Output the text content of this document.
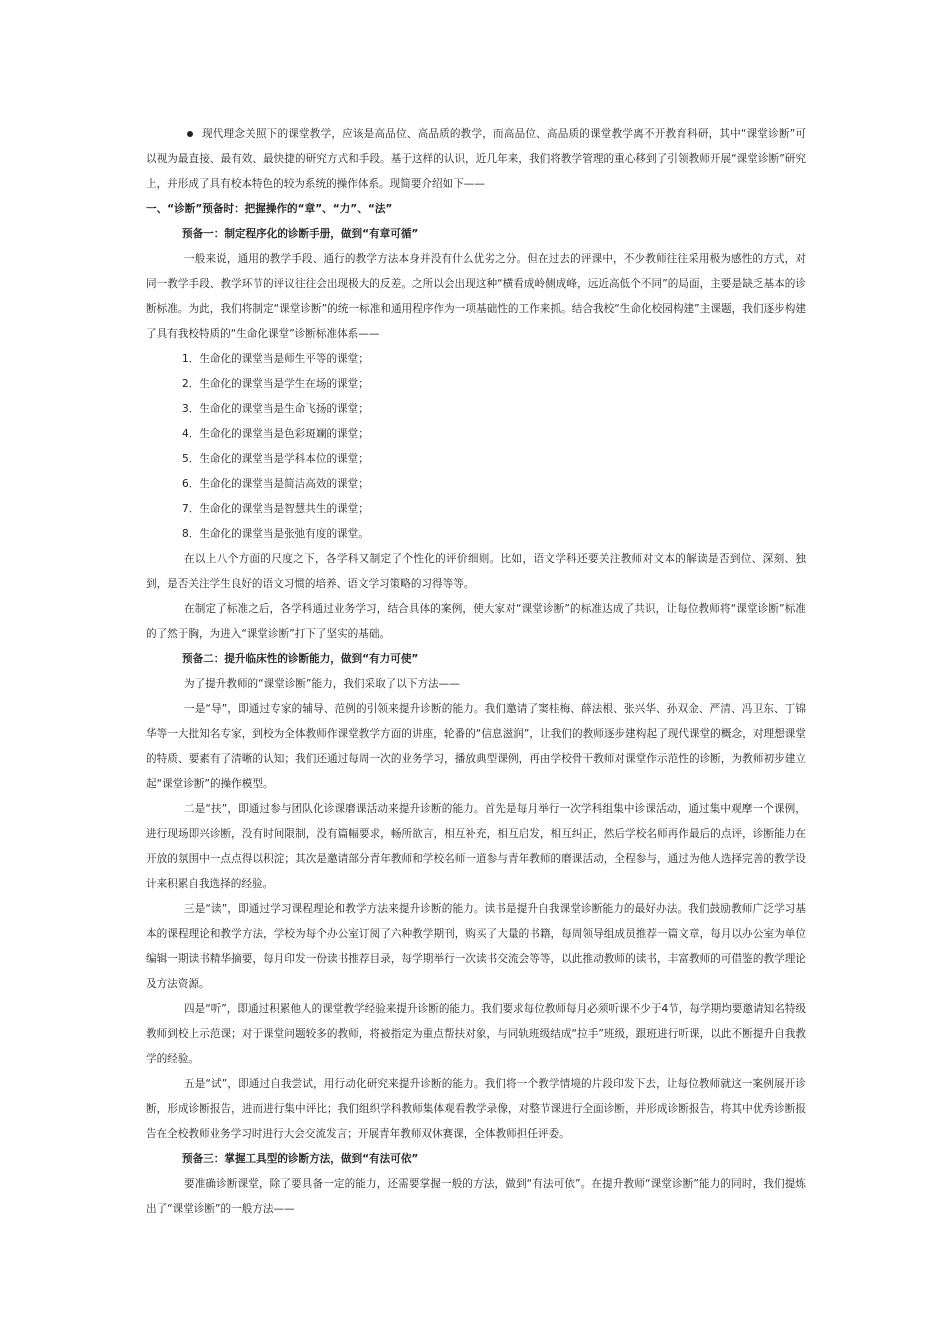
现代理念关照下的课堂教学，应该是高品位、高品质的教学，而高品位、高品质的课堂教学离不开教育科研，其中“课堂诊断”可以视为最直接、最有效、最快捷的研究方式和手段。基于这样的认识，近几年来，我们将教学管理的重心移到了引领教师开展“课堂诊断”研究上，并形成了具有校本特色的较为系统的操作体系。现简要介绍如下——

一、“诊断”预备时：把握操作的“章”、“力”、“法”

预备一：制定程序化的诊断手册，做到“有章可循”

一般来说，通用的教学手段、通行的教学方法本身并没有什么优劣之分。但在过去的评课中，不少教师往往采用极为感性的方式，对同一教学手段、教学环节的评议往往会出现极大的反差。之所以会出现这种“横看成岭侧成峰，远近高低个不同”的局面，主要是缺乏基本的诊断标准。为此，我们将制定“课堂诊断”的统一标准和通用程序作为一项基础性的工作来抓。结合我校“生命化校园构建”主课题，我们逐步构建了具有我校特质的“生命化课堂”诊断标准体系——

1．生命化的课堂当是师生平等的课堂；

2．生命化的课堂当是学生在场的课堂；

3．生命化的课堂当是生命飞扬的课堂；

4．生命化的课堂当是色彩斑斓的课堂；

5．生命化的课堂当是学科本位的课堂；

6．生命化的课堂当是简洁高效的课堂；

7．生命化的课堂当是智慧共生的课堂；

8．生命化的课堂当是张弛有度的课堂。

在以上八个方面的尺度之下，各学科又制定了个性化的评价细则。比如，语文学科还要关注教师对文本的解读是否到位、深刻、独到，是否关注学生良好的语文习惯的培养、语文学习策略的习得等等。

在制定了标准之后，各学科通过业务学习，结合具体的案例，使大家对“课堂诊断”的标准达成了共识，让每位教师将“课堂诊断”标准的了然于胸，为进入“课堂诊断”打下了坚实的基础。

预备二：提升临床性的诊断能力，做到“有力可使”

为了提升教师的“课堂诊断”能力，我们采取了以下方法——

一是“导”，即通过专家的辅导、范例的引领来提升诊断的能力。我们邀请了窦桂梅、薛法根、张兴华、孙双金、严清、冯卫东、丁锦华等一大批知名专家，到校为全体教师作课堂教学方面的讲座，轮番的“信息滋润”，让我们的教师逐步建构起了现代课堂的概念，对理想课堂的特质、要素有了清晰的认知；我们还通过每周一次的业务学习，播放典型课例，再由学校骨干教师对课堂作示范性的诊断，为教师初步建立起“课堂诊断”的操作模型。

二是“扶”，即通过参与团队化诊课磨课活动来提升诊断的能力。首先是每月举行一次学科组集中诊课活动，通过集中观摩一个课例，进行现场即兴诊断，没有时间限制，没有篇幅要求，畅所欲言，相互补充，相互启发，相互纠正，然后学校名师再作最后的点评，诊断能力在开放的氛围中一点点得以积淀；其次是邀请部分青年教师和学校名师一道参与青年教师的磨课活动，全程参与，通过为他人选择完善的教学设计来积累自我选择的经验。

三是“读”，即通过学习课程理论和教学方法来提升诊断的能力。读书是提升自我课堂诊断能力的最好办法。我们鼓励教师广泛学习基本的课程理论和教学方法，学校为每个办公室订阅了六种教学期刊，购买了大量的书籍，每周领导组成员推荐一篇文章，每月以办公室为单位编辑一期读书精华摘要，每月印发一份读书推荐目录，每学期举行一次读书交流会等等，以此推动教师的读书，丰富教师的可借鉴的教学理论及方法资源。

四是“听”，即通过积累他人的课堂教学经验来提升诊断的能力。我们要求每位教师每月必须听课不少于4节，每学期均要邀请知名特级教师到校上示范课；对于课堂问题较多的教师，将被指定为重点帮扶对象，与同轨班级结成“拉手”班级，跟班进行听课，以此不断提升自我教学的经验。

五是“试”，即通过自我尝试，用行动化研究来提升诊断的能力。我们将一个教学情境的片段印发下去，让每位教师就这一案例展开诊断，形成诊断报告，进而进行集中评比；我们组织学科教师集体观看教学录像，对整节课进行全面诊断，并形成诊断报告，将其中优秀诊断报告在全校教师业务学习时进行大会交流发言；开展青年教师双休赛课，全体教师担任评委。

预备三：掌握工具型的诊断方法，做到“有法可依”

要准确诊断课堂，除了要具备一定的能力，还需要掌握一般的方法，做到“有法可依”。在提升教师“课堂诊断”能力的同时，我们提炼出了“课堂诊断”的一般方法——
